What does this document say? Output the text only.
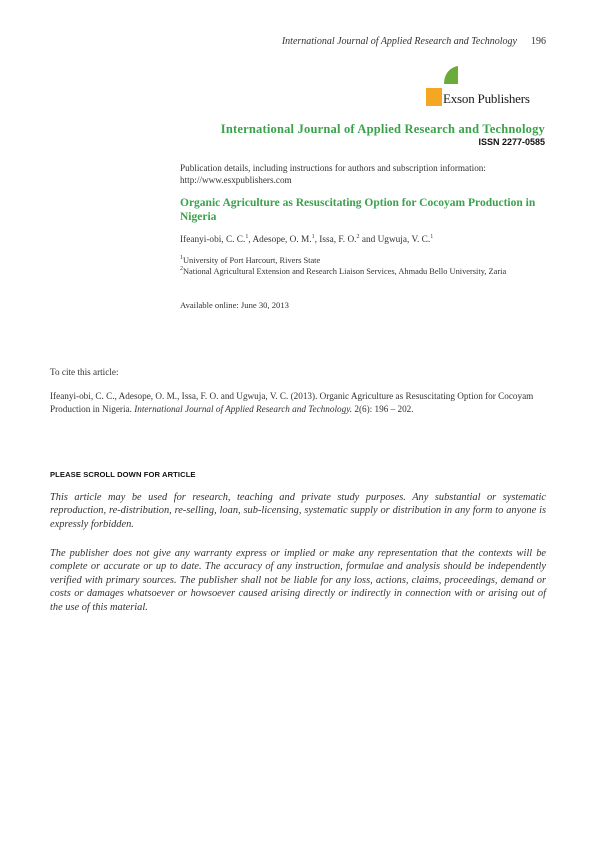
International Journal of Applied Research and Technology 196
Exson Publishers
International Journal of Applied Research and Technology
ISSN 2277-0585
Publication details, including instructions for authors and subscription information:
http://www.esxpublishers.com
Organic Agriculture as Resuscitating Option for Cocoyam Production in Nigeria
Ifeanyi-obi, C. C.$^1$, Adesope, O. M.$^1$, Issa, F. O.$^2$ and Ugwuja, V. C.$^1$
$^1$University of Port Harcourt, Rivers State
$^2$National Agricultural Extension and Research Liaison Services, Ahmadu Bello University, Zaria
Available online: June 30, 2013
To cite this article:
Ifeanyi-obi, C. C., Adesope, O. M., Issa, F. O. and Ugwuja, V. C. (2013). Organic Agriculture as Resuscitating Option for Cocoyam Production in Nigeria. International Journal of Applied Research and Technology. 2(6): 196 – 202.
PLEASE SCROLL DOWN FOR ARTICLE
This article may be used for research, teaching and private study purposes. Any substantial or systematic reproduction, re-distribution, re-selling, loan, sub-licensing, systematic supply or distribution in any form to anyone is expressly forbidden.
The publisher does not give any warranty express or implied or make any representation that the contexts will be complete or accurate or up to date. The accuracy of any instruction, formulae and analysis should be independently verified with primary sources. The publisher shall not be liable for any loss, actions, claims, proceedings, demand or costs or damages whatsoever or howsoever caused arising directly or indirectly in connection with or arising out of the use of this material.
